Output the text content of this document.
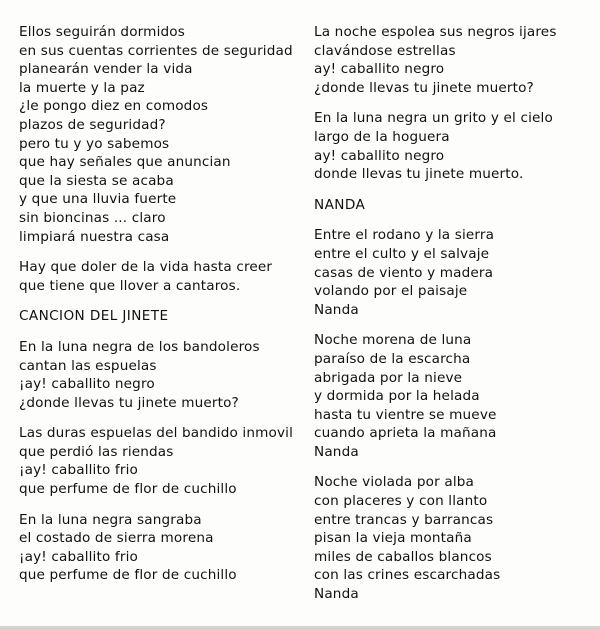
Ellos seguirán dormidos
en sus cuentas corrientes de seguridad
planearán vender la vida
la muerte y la paz
¿le pongo diez en comodos
plazos de seguridad?
pero tu y yo sabemos
que hay señales que anuncian
que la siesta se acaba
y que una lluvia fuerte
sin bioncinas ... claro
limpiará nuestra casa
Hay que doler de la vida hasta creer
que tiene que llover a cantaros.
CANCION DEL JINETE
En la luna negra de los bandoleros
cantan las espuelas
¡ay! caballito negro
¿donde llevas tu jinete muerto?
Las duras espuelas del bandido inmovil
que perdió las riendas
¡ay! caballito frio
que perfume de flor de cuchillo
En la luna negra sangraba
el costado de sierra morena
¡ay! caballito frio
que perfume de flor de cuchillo
La noche espolea sus negros ijares
clavándose estrellas
ay! caballito negro
¿donde llevas tu jinete muerto?
En la luna negra un grito y el cielo
largo de la hoguera
ay! caballito negro
donde llevas tu jinete muerto.
NANDA
Entre el rodano y la sierra
entre el culto y el salvaje
casas de viento y madera
volando por el paisaje
Nanda
Noche morena de luna
paraíso de la escarcha
abrigada por la nieve
y dormida por la helada
hasta tu vientre se mueve
cuando aprieta la mañana
Nanda
Noche violada por alba
con placeres y con llanto
entre trancas y barrancas
pisan la vieja montaña
miles de caballos blancos
con las crines escarchadas
Nanda
